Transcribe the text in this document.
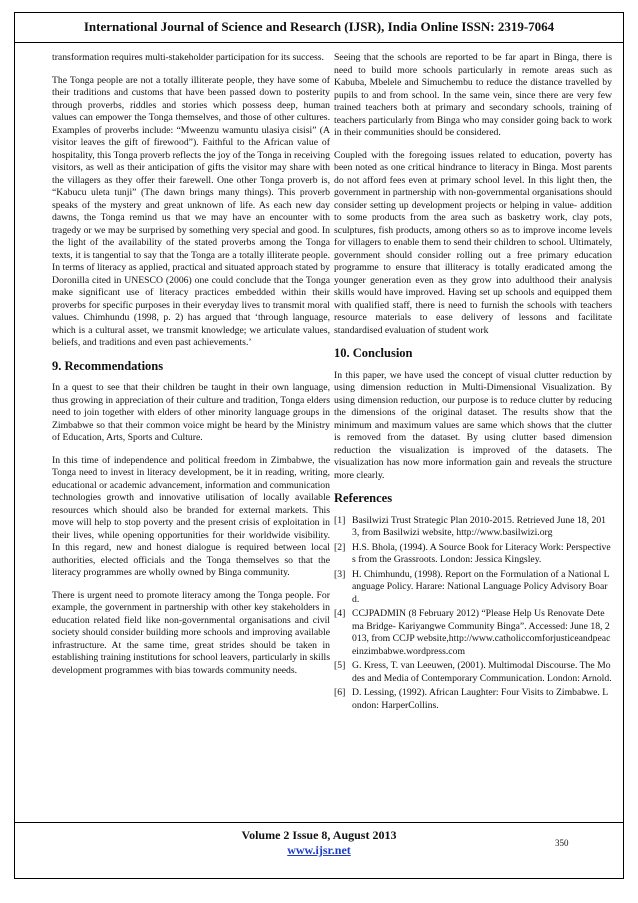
International Journal of Science and Research (IJSR), India Online ISSN: 2319-7064

transformation requires multi-stakeholder participation for its success.

The Tonga people are not a totally illiterate people, they have some of their traditions and customs that have been passed down to posterity through proverbs, riddles and stories which possess deep, human values can empower the Tonga themselves, and those of other cultures. Examples of proverbs include: “Mweenzu wamuntu ulasiya cisisi” (A visitor leaves the gift of firewood”). Faithful to the African value of hospitality, this Tonga proverb reflects the joy of the Tonga in receiving visitors, as well as their anticipation of gifts the visitor may share with the villagers as they offer their farewell. One other Tonga proverb is, “Kabucu uleta tunji” (The dawn brings many things). This proverb speaks of the mystery and great unknown of life. As each new day dawns, the Tonga remind us that we may have an encounter with tragedy or we may be surprised by something very special and good. In the light of the availability of the stated proverbs among the Tonga texts, it is tangential to say that the Tonga are a totally illiterate people. In terms of literacy as applied, practical and situated approach stated by Doronilla cited in UNESCO (2006) one could conclude that the Tonga make significant use of literacy practices embedded within their proverbs for specific purposes in their everyday lives to transmit moral values. Chimhundu (1998, p. 2) has argued that ‘through language, which is a cultural asset, we transmit knowledge; we articulate values, beliefs, and traditions and even past achievements.’

9. Recommendations

In a quest to see that their children be taught in their own language, thus growing in appreciation of their culture and tradition, Tonga elders need to join together with elders of other minority language groups in Zimbabwe so that their common voice might be heard by the Ministry of Education, Arts, Sports and Culture.

In this time of independence and political freedom in Zimbabwe, the Tonga need to invest in literacy development, be it in reading, writing, educational or academic advancement, information and communication technologies growth and innovative utilisation of locally available resources which should also be branded for external markets. This move will help to stop poverty and the present crisis of exploitation in their lives, while opening opportunities for their worldwide visibility. In this regard, new and honest dialogue is required between local authorities, elected officials and the Tonga themselves so that the literacy programmes are wholly owned by Binga community.

There is urgent need to promote literacy among the Tonga people. For example, the government in partnership with other key stakeholders in education related field like non-governmental organisations and civil society should consider building more schools and improving available infrastructure. At the same time, great strides should be taken in establishing training institutions for school leavers, particularly in skills development programmes with bias towards community needs.

Seeing that the schools are reported to be far apart in Binga, there is need to build more schools particularly in remote areas such as Kabuba, Mbelele and Simuchembu to reduce the distance travelled by pupils to and from school. In the same vein, since there are very few trained teachers both at primary and secondary schools, training of teachers particularly from Binga who may consider going back to work in their communities should be considered.

Coupled with the foregoing issues related to education, poverty has been noted as one critical hindrance to literacy in Binga. Most parents do not afford fees even at primary school level. In this light then, the government in partnership with non-governmental organisations should consider setting up development projects or helping in value- addition to some products from the area such as basketry work, clay pots, sculptures, fish products, among others so as to improve income levels for villagers to enable them to send their children to school. Ultimately, government should consider rolling out a free primary education programme to ensure that illiteracy is totally eradicated among the younger generation even as they grow into adulthood their analysis skills would have improved. Having set up schools and equipped them with qualified staff, there is need to furnish the schools with teachers resource materials to ease delivery of lessons and facilitate standardised evaluation of student work

10. Conclusion

In this paper, we have used the concept of visual clutter reduction by using dimension reduction in Multi-Dimensional Visualization. By using dimension reduction, our purpose is to reduce clutter by reducing the dimensions of the original dataset. The results show that the minimum and maximum values are same which shows that the clutter is removed from the dataset. By using clutter based dimension reduction the visualization is improved of the datasets. The visualization has now more information gain and reveals the structure more clearly.

References
[1] Basilwizi Trust Strategic Plan 2010-2015. Retrieved June 18, 2013, from Basilwizi website, http://www.basilwizi.org
[2] H.S. Bhola, (1994). A Source Book for Literacy Work: Perspectives from the Grassroots. London: Jessica Kingsley.
[3] H. Chimhundu, (1998). Report on the Formulation of a National Language Policy. Harare: National Language Policy Advisory Board.
[4] CCJPADMIN (8 February 2012) “Please Help Us Renovate Detema Bridge- Kariyangwe Community Binga”. Accessed: June 18, 2013, from CCJP website,http://www.catholiccomforjusticeandpeaceinzimbabwe.wordpress.com
[5] G. Kress, T. van Leeuwen, (2001). Multimodal Discourse. The Modes and Media of Contemporary Communication. London: Arnold.
[6] D. Lessing, (1992). African Laughter: Four Visits to Zimbabwe. London: HarperCollins.
Volume 2 Issue 8, August 2013
www.ijsr.net	350
